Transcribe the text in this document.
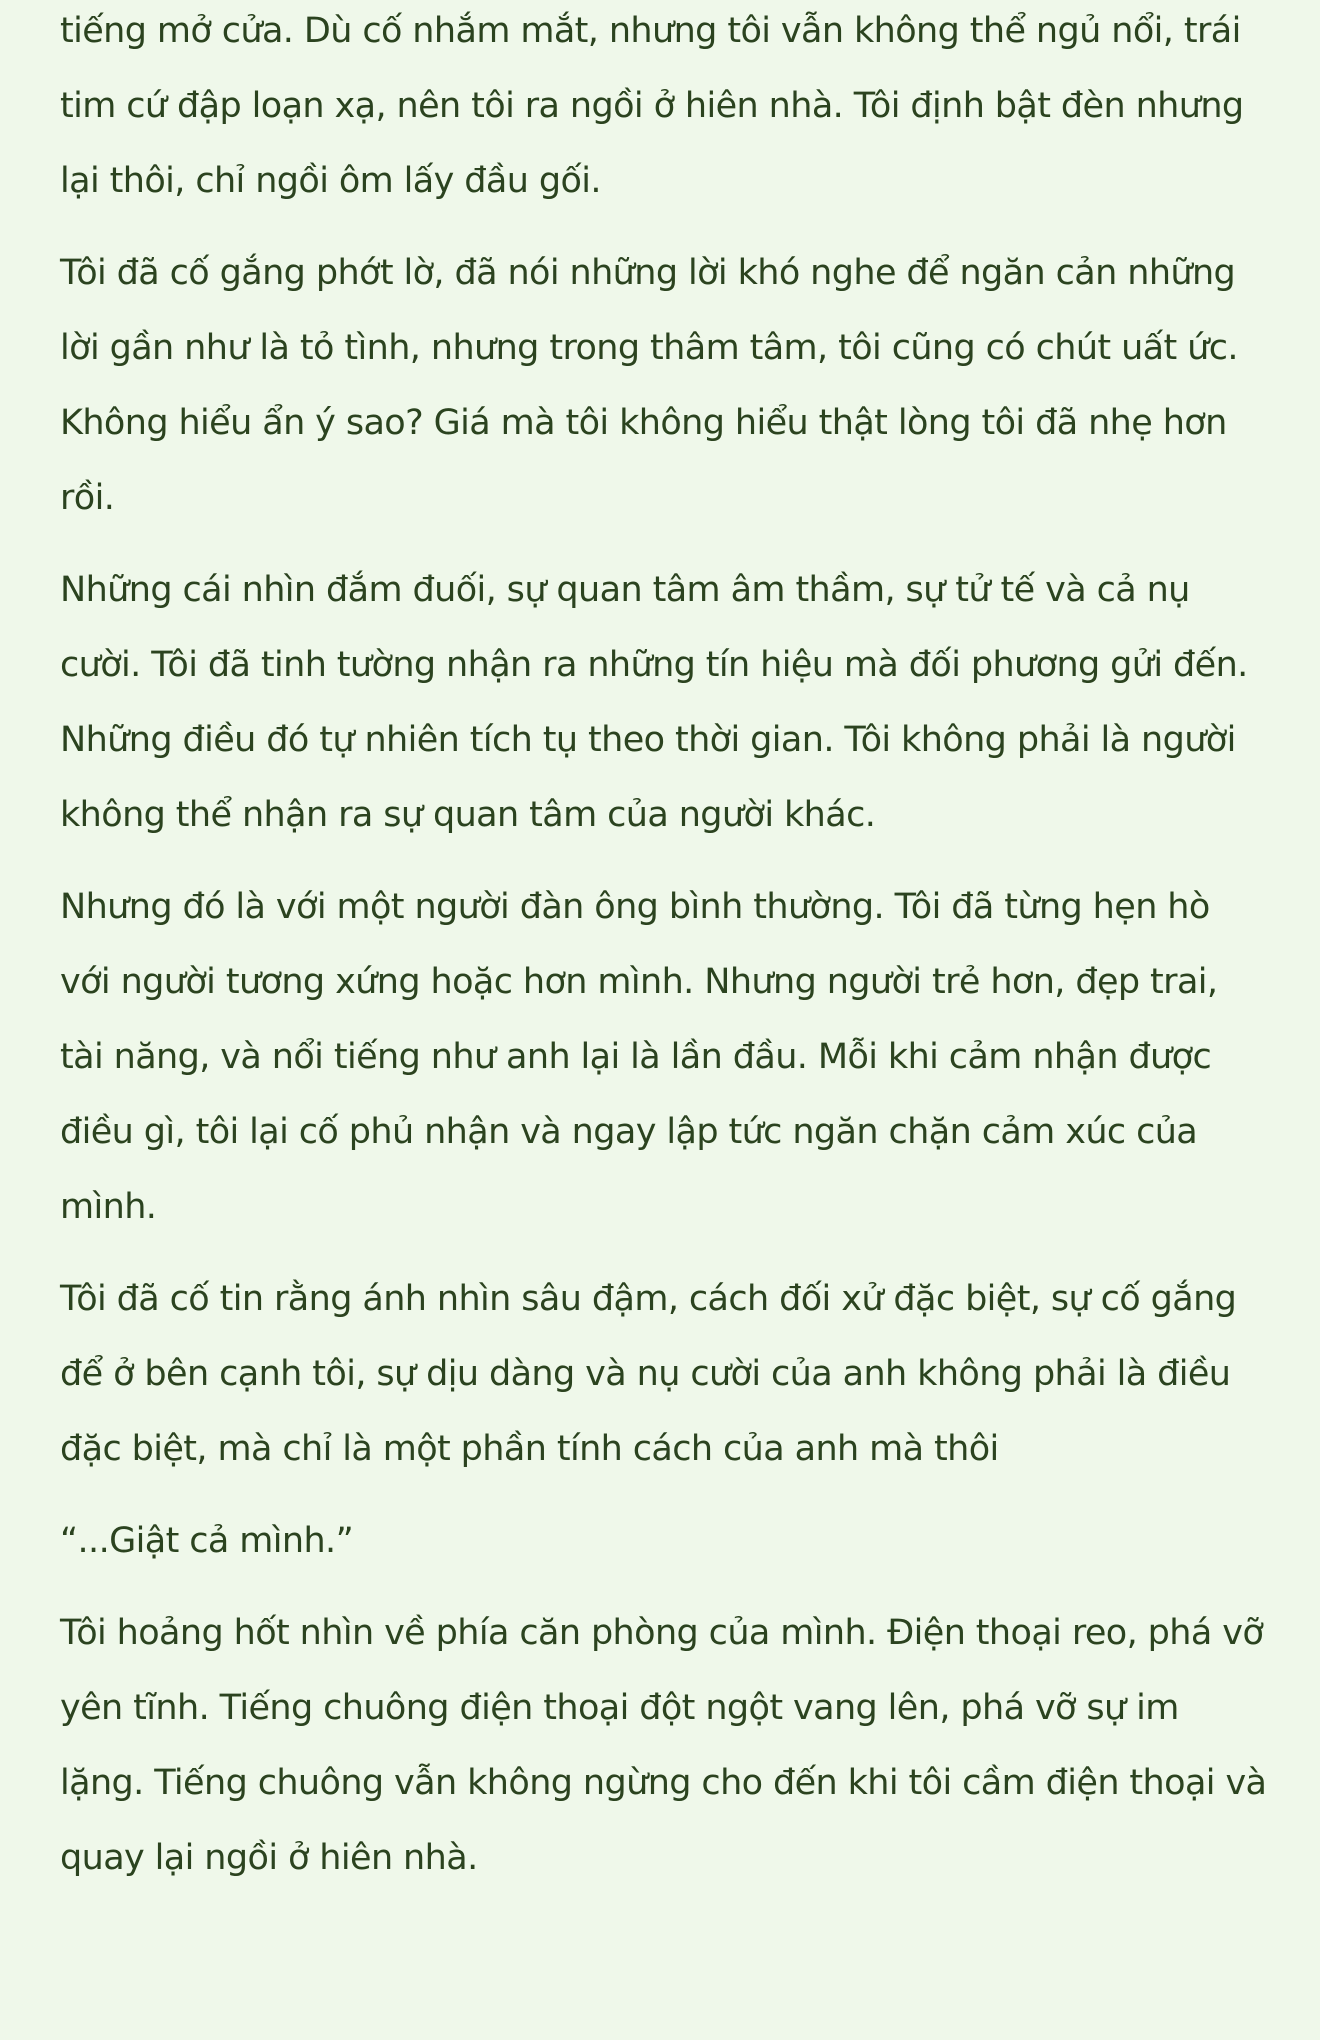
tiếng mở cửa. Dù cố nhắm mắt, nhưng tôi vẫn không thể ngủ nổi, trái tim cứ đập loạn xạ, nên tôi ra ngồi ở hiên nhà. Tôi định bật đèn nhưng lại thôi, chỉ ngồi ôm lấy đầu gối.

Tôi đã cố gắng phớt lờ, đã nói những lời khó nghe để ngăn cản những lời gần như là tỏ tình, nhưng trong thâm tâm, tôi cũng có chút uất ức. Không hiểu ẩn ý sao? Giá mà tôi không hiểu thật lòng tôi đã nhẹ hơn rồi.

Những cái nhìn đắm đuối, sự quan tâm âm thầm, sự tử tế và cả nụ cười. Tôi đã tinh tường nhận ra những tín hiệu mà đối phương gửi đến. Những điều đó tự nhiên tích tụ theo thời gian. Tôi không phải là người không thể nhận ra sự quan tâm của người khác.

Nhưng đó là với một người đàn ông bình thường. Tôi đã từng hẹn hò với người tương xứng hoặc hơn mình. Nhưng người trẻ hơn, đẹp trai, tài năng, và nổi tiếng như anh lại là lần đầu. Mỗi khi cảm nhận được điều gì, tôi lại cố phủ nhận và ngay lập tức ngăn chặn cảm xúc của mình.

Tôi đã cố tin rằng ánh nhìn sâu đậm, cách đối xử đặc biệt, sự cố gắng để ở bên cạnh tôi, sự dịu dàng và nụ cười của anh không phải là điều đặc biệt, mà chỉ là một phần tính cách của anh mà thôi

“...Giật cả mình.”

Tôi hoảng hốt nhìn về phía căn phòng của mình. Điện thoại reo, phá vỡ yên tĩnh. Tiếng chuông điện thoại đột ngột vang lên, phá vỡ sự im lặng. Tiếng chuông vẫn không ngừng cho đến khi tôi cầm điện thoại và quay lại ngồi ở hiên nhà.
